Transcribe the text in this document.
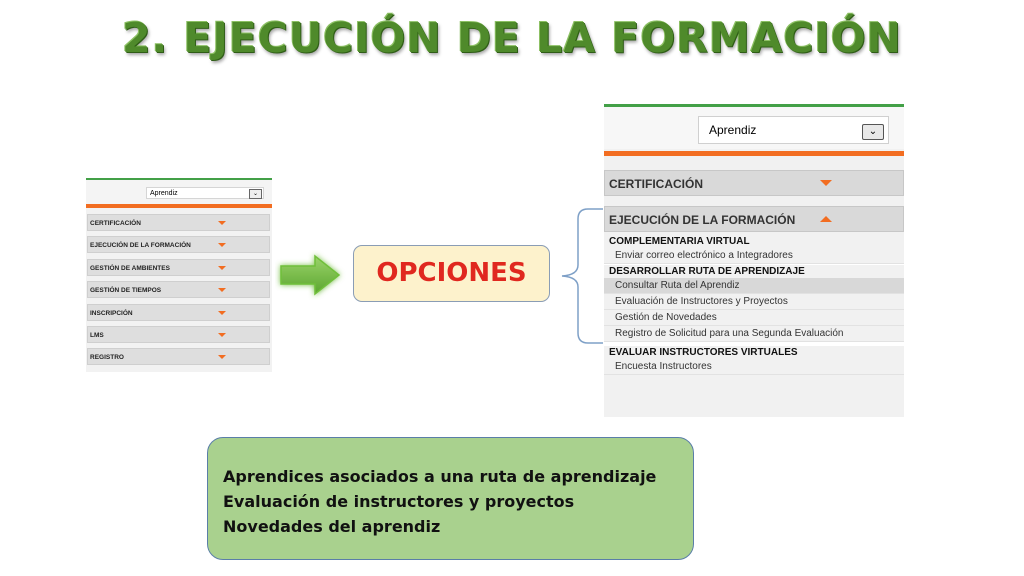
2. EJECUCIÓN DE LA FORMACIÓN
Aprendiz	⌄
CERTIFICACIÓN
EJECUCIÓN DE LA FORMACIÓN
GESTIÓN DE AMBIENTES
GESTIÓN DE TIEMPOS
INSCRIPCIÓN
LMS
REGISTRO
OPCIONES
Aprendiz	⌄
CERTIFICACIÓN
EJECUCIÓN DE LA FORMACIÓN
COMPLEMENTARIA VIRTUAL
Enviar correo electrónico a Integradores
DESARROLLAR RUTA DE APRENDIZAJE
Consultar Ruta del Aprendiz
Evaluación de Instructores y Proyectos
Gestión de Novedades
Registro de Solicitud para una Segunda Evaluación
EVALUAR INSTRUCTORES VIRTUALES
Encuesta Instructores
Aprendices asociados a una ruta de aprendizaje
Evaluación de instructores y proyectos
Novedades del aprendiz
